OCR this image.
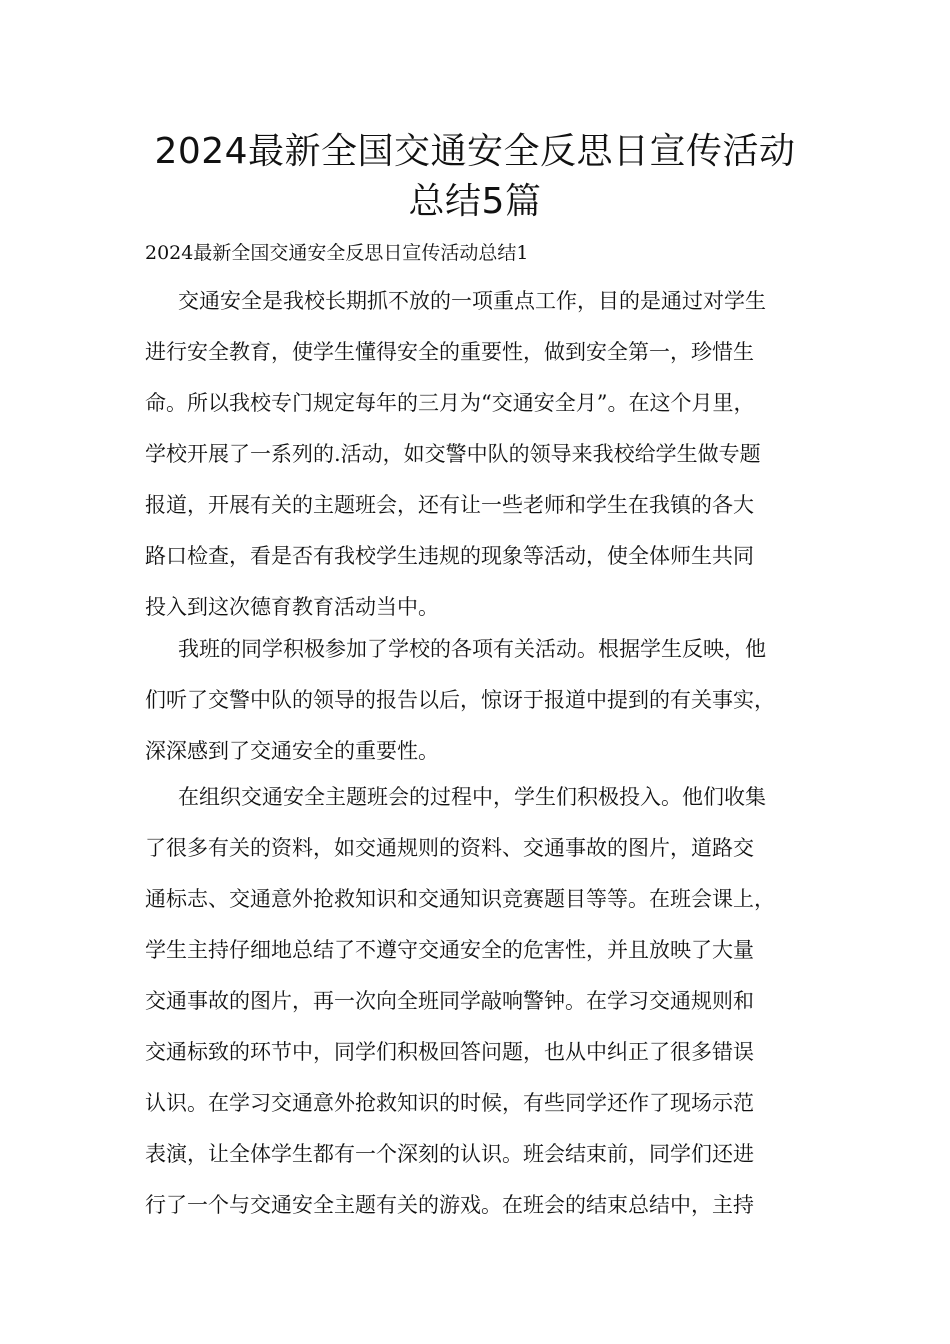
2024最新全国交通安全反思日宣传活动
总结5篇

2024最新全国交通安全反思日宣传活动总结1

交通安全是我校长期抓不放的一项重点工作，目的是通过对学生
进行安全教育，使学生懂得安全的重要性，做到安全第一，珍惜生
命。所以我校专门规定每年的三月为“交通安全月”。在这个月里，
学校开展了一系列的.活动，如交警中队的领导来我校给学生做专题
报道，开展有关的主题班会，还有让一些老师和学生在我镇的各大
路口检查，看是否有我校学生违规的现象等活动，使全体师生共同
投入到这次德育教育活动当中。

我班的同学积极参加了学校的各项有关活动。根据学生反映，他
们听了交警中队的领导的报告以后，惊讶于报道中提到的有关事实，
深深感到了交通安全的重要性。

在组织交通安全主题班会的过程中，学生们积极投入。他们收集
了很多有关的资料，如交通规则的资料、交通事故的图片，道路交
通标志、交通意外抢救知识和交通知识竞赛题目等等。在班会课上，
学生主持仔细地总结了不遵守交通安全的危害性，并且放映了大量
交通事故的图片，再一次向全班同学敲响警钟。在学习交通规则和
交通标致的环节中，同学们积极回答问题，也从中纠正了很多错误
认识。在学习交通意外抢救知识的时候，有些同学还作了现场示范
表演，让全体学生都有一个深刻的认识。班会结束前，同学们还进
行了一个与交通安全主题有关的游戏。在班会的结束总结中，主持
